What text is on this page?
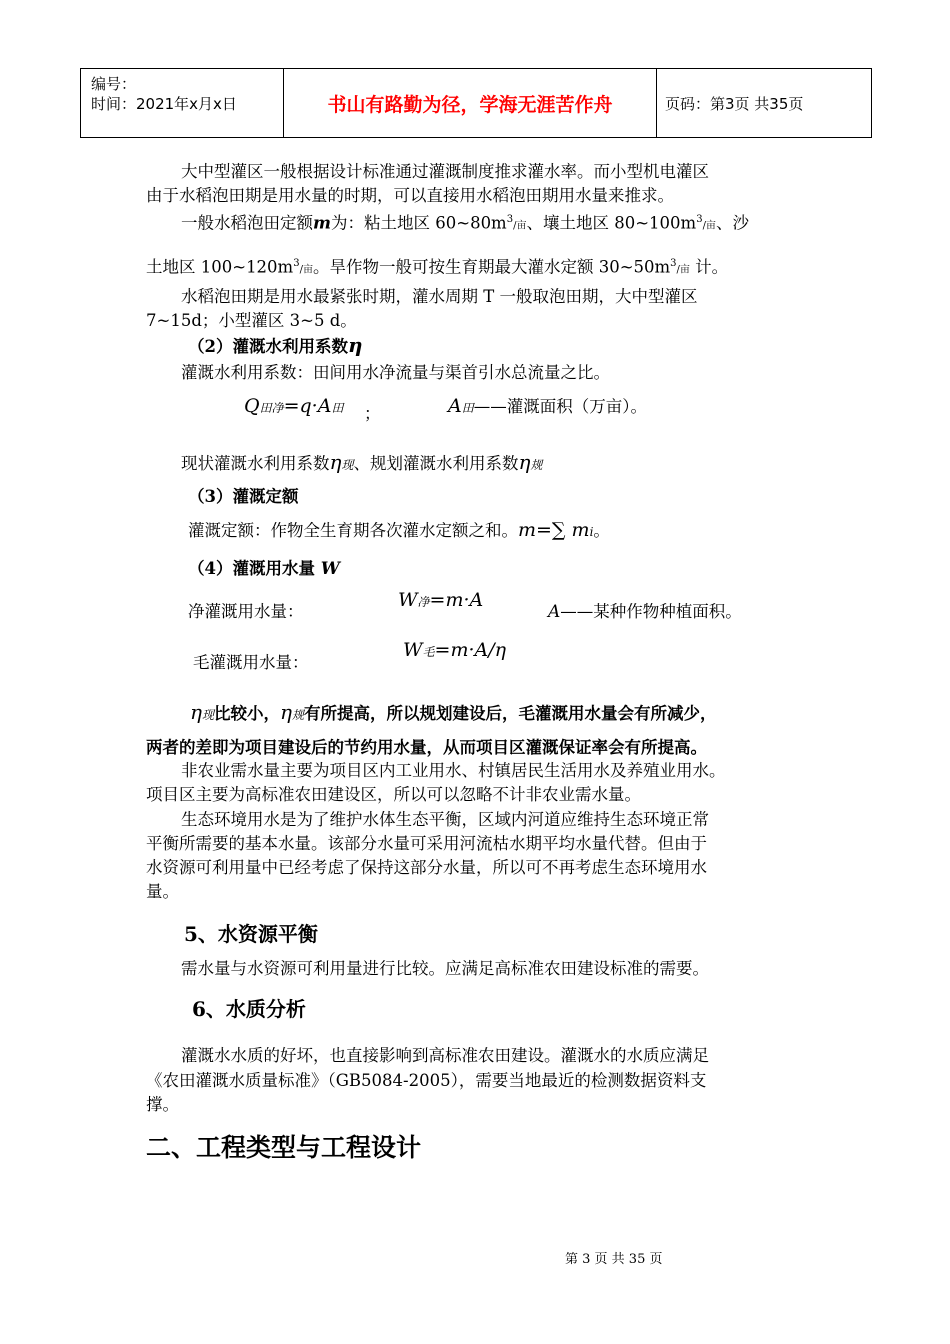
编号：
时间：2021年x月x日	书山有路勤为径，学海无涯苦作舟	页码：第3页 共35页
大中型灌区一般根据设计标准通过灌溉制度推求灌水率。而小型机电灌区
由于水稻泡田期是用水量的时期，可以直接用水稻泡田期用水量来推求。
一般水稻泡田定额m为：粘土地区 $60\sim 80m^3/$亩、壤土地区 $80\sim 100m^3/$亩、沙
土地区 $100\sim 120m^3/$亩。旱作物一般可按生育期最大灌水定额 $30\sim 50m^3/$亩 计。
水稻泡田期是用水最紧张时期，灌水周期 T 一般取泡田期，大中型灌区
7~15d；小型灌区 3~5 d。
（2）灌溉水利用系数η
灌溉水利用系数：田间用水净流量与渠首引水总流量之比。
Q田净=q·A田 ；	A田——灌溉面积（万亩）。
现状灌溉水利用系数η现、规划灌溉水利用系数η规
（3）灌溉定额
灌溉定额：作物全生育期各次灌水定额之和。m=∑ mi。
（4）灌溉用水量 W
净灌溉用水量：
W净=m·A
A——某种作物种植面积。
毛灌溉用水量：
W毛=m·A/η
η现比较小，η规有所提高，所以规划建设后，毛灌溉用水量会有所减少，
两者的差即为项目建设后的节约用水量，从而项目区灌溉保证率会有所提高。
非农业需水量主要为项目区内工业用水、村镇居民生活用水及养殖业用水。
项目区主要为高标准农田建设区，所以可以忽略不计非农业需水量。
生态环境用水是为了维护水体生态平衡，区域内河道应维持生态环境正常
平衡所需要的基本水量。该部分水量可采用河流枯水期平均水量代替。但由于
水资源可利用量中已经考虑了保持这部分水量，所以可不再考虑生态环境用水
量。
5、水资源平衡
需水量与水资源可利用量进行比较。应满足高标准农田建设标准的需要。
6、水质分析
灌溉水水质的好坏，也直接影响到高标准农田建设。灌溉水的水质应满足
《农田灌溉水质量标准》（GB5084-2005），需要当地最近的检测数据资料支
撑。
二、工程类型与工程设计
第 3 页 共 35 页
